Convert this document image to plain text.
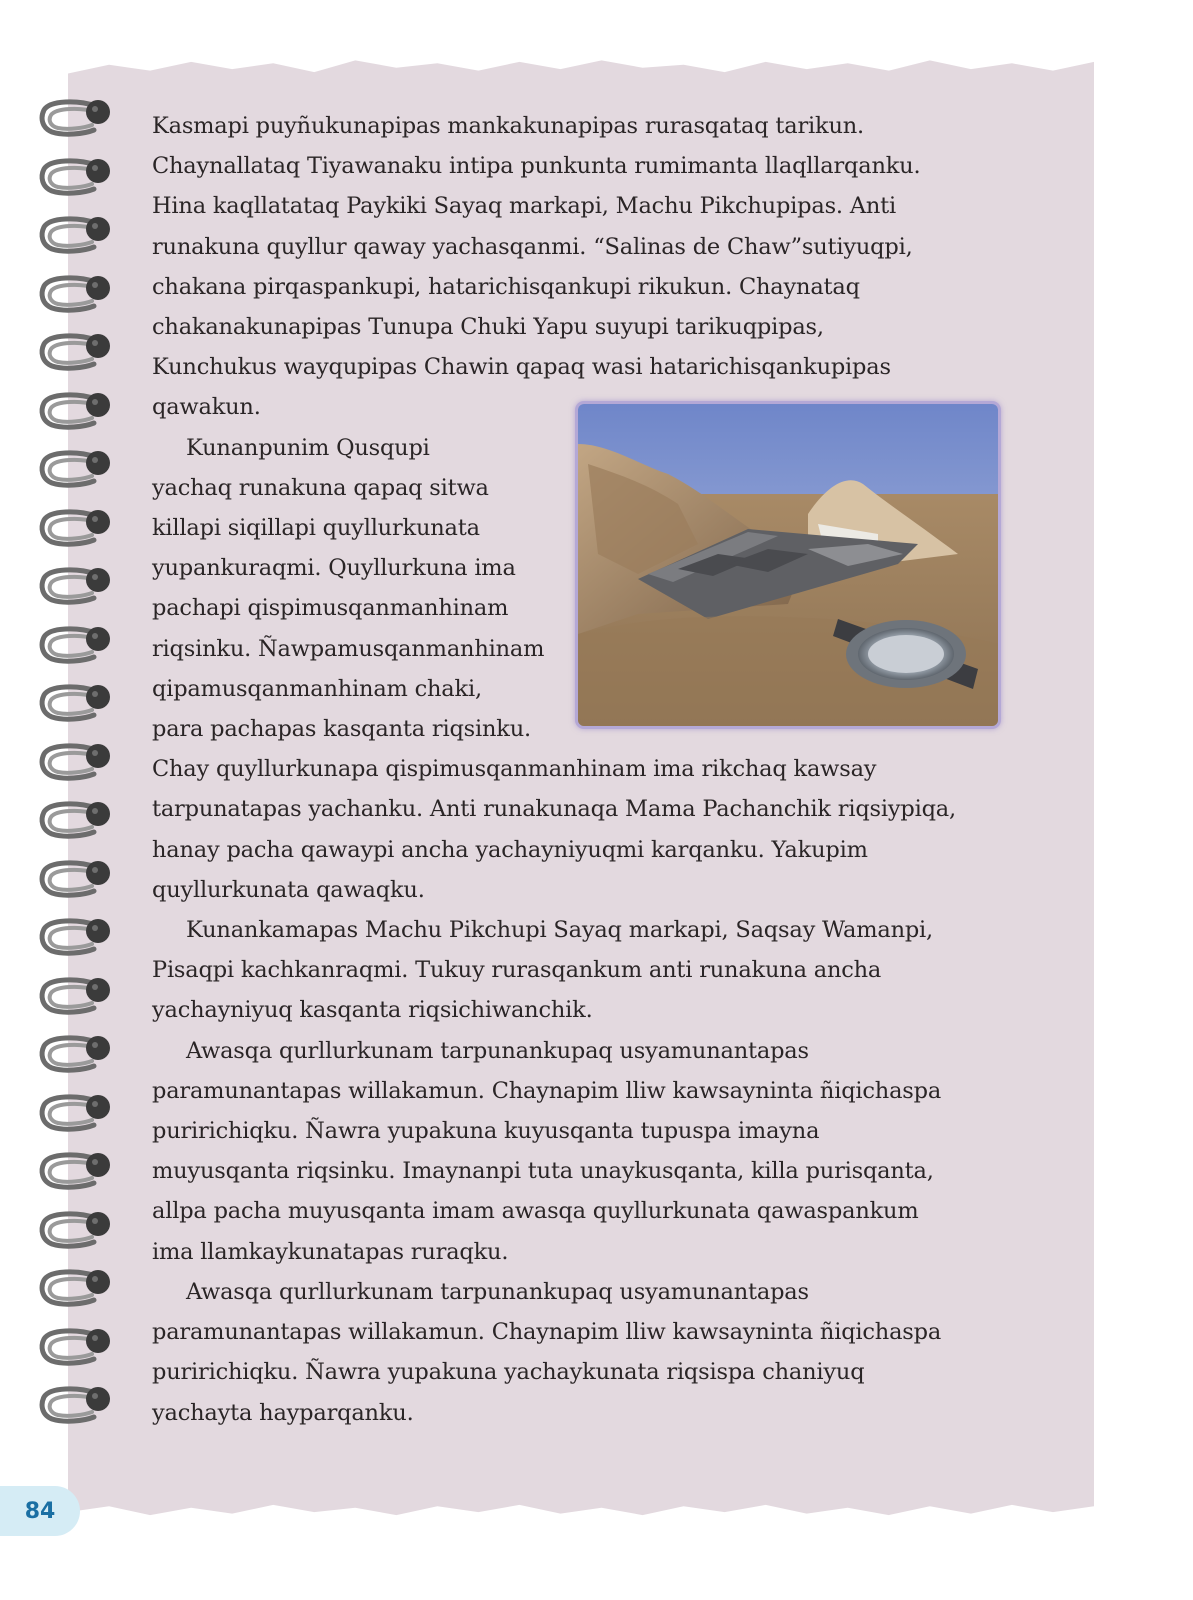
Kasmapi puyñukunapipas mankakunapipas rurasqataq tarikun.
Chaynallataq Tiyawanaku intipa punkunta rumimanta llaqllarqanku.
Hina kaqllatataq Paykiki Sayaq markapi, Machu Pikchupipas. Anti
runakuna quyllur qaway yachasqanmi. “Salinas de Chaw”sutiyuqpi,
chakana pirqaspankupi, hatarichisqankupi rikukun. Chaynataq
chakanakunapipas Tunupa Chuki Yapu suyupi tarikuqpipas,
Kunchukus wayqupipas Chawin qapaq wasi hatarichisqankupipas
qawakun.

Kunanpunim Qusqupi
yachaq runakuna qapaq sitwa
killapi siqillapi quyllurkunata
yupankuraqmi. Quyllurkuna ima
pachapi qispimusqanmanhinam
riqsinku. Ñawpamusqanmanhinam
qipamusqanmanhinam chaki,
para pachapas kasqanta riqsinku.

Chay quyllurkunapa qispimusqanmanhinam ima rikchaq kawsay
tarpunatapas yachanku. Anti runakunaqa Mama Pachanchik riqsiypiqa,
hanay pacha qawaypi ancha yachayniyuqmi karqanku. Yakupim
quyllurkunata qawaqku.

Kunankamapas Machu Pikchupi Sayaq markapi, Saqsay Wamanpi,
Pisaqpi kachkanraqmi. Tukuy rurasqankum anti runakuna ancha
yachayniyuq kasqanta riqsichiwanchik.

Awasqa qurllurkunam tarpunankupaq usyamunantapas
paramunantapas willakamun. Chaynapim lliw kawsayninta ñiqichaspa
puririchiqku. Ñawra yupakuna kuyusqanta tupuspa imayna
muyusqanta riqsinku. Imaynanpi tuta unaykusqanta, killa purisqanta,
allpa pacha muyusqanta imam awasqa quyllurkunata qawaspankum
ima llamkaykunatapas ruraqku.

Awasqa qurllurkunam tarpunankupaq usyamunantapas
paramunantapas willakamun. Chaynapim lliw kawsayninta ñiqichaspa
puririchiqku. Ñawra yupakuna yachaykunata riqsispa chaniyuq
yachayta hayparqanku.

84
